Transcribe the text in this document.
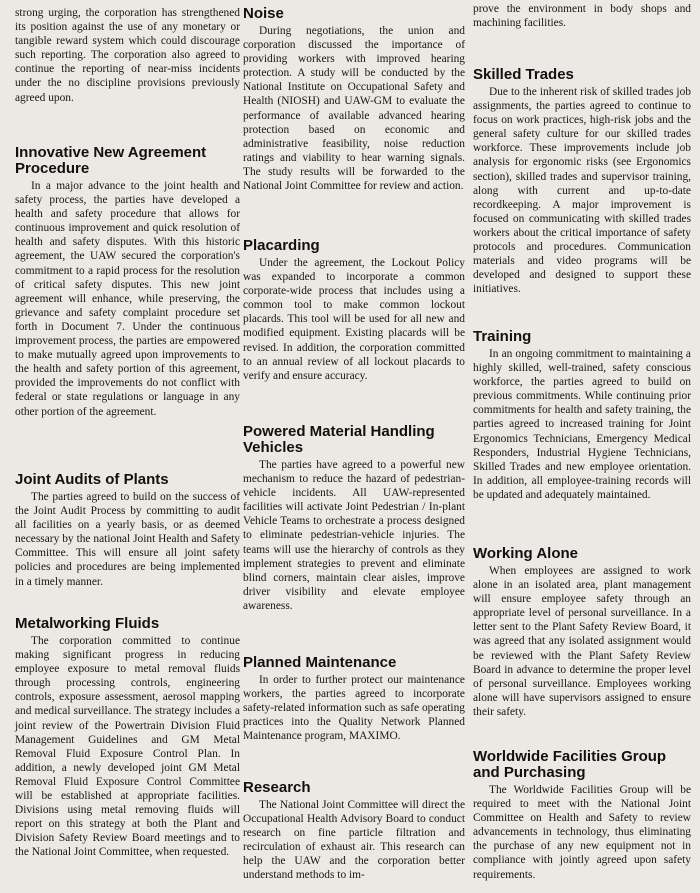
strong urging, the corporation has strengthened its position against the use of any monetary or tangible reward system which could discourage such reporting. The corporation also agreed to continue the reporting of near-miss incidents under the no discipline provisions previously agreed upon.

Innovative New Agreement Procedure

In a major advance to the joint health and safety process, the parties have developed a health and safety procedure that allows for continuous improvement and quick resolution of health and safety disputes. With this historic agreement, the UAW secured the corporation's commitment to a rapid process for the resolution of critical safety disputes. This new joint agreement will enhance, while preserving, the grievance and safety complaint procedure set forth in Document 7. Under the continuous improvement process, the parties are empowered to make mutually agreed upon improvements to the health and safety portion of this agreement, provided the improvements do not conflict with federal or state regulations or language in any other portion of the agreement.

Joint Audits of Plants

The parties agreed to build on the success of the Joint Audit Process by committing to audit all facilities on a yearly basis, or as deemed necessary by the national Joint Health and Safety Committee. This will ensure all joint safety policies and procedures are being implemented in a timely manner.

Metalworking Fluids

The corporation committed to continue making significant progress in reducing employee exposure to metal removal fluids through processing controls, engineering controls, exposure assessment, aerosol mapping and medical surveillance. The strategy includes a joint review of the Powertrain Division Fluid Management Guidelines and GM Metal Removal Fluid Exposure Control Plan. In addition, a newly developed joint GM Metal Removal Fluid Exposure Control Committee will be established at appropriate facilities. Divisions using metal removing fluids will report on this strategy at both the Plant and Division Safety Review Board meetings and to the National Joint Committee, when requested.

Noise

During negotiations, the union and corporation discussed the importance of providing workers with improved hearing protection. A study will be conducted by the National Institute on Occupational Safety and Health (NIOSH) and UAW-GM to evaluate the performance of available advanced hearing protection based on economic and administrative feasibility, noise reduction ratings and viability to hear warning signals. The study results will be forwarded to the National Joint Committee for review and action.

Placarding

Under the agreement, the Lockout Policy was expanded to incorporate a common corporate-wide process that includes using a common tool to make common lockout placards. This tool will be used for all new and modified equipment. Existing placards will be revised. In addition, the corporation committed to an annual review of all lockout placards to verify and ensure accuracy.

Powered Material Handling Vehicles

The parties have agreed to a powerful new mechanism to reduce the hazard of pedestrian-vehicle incidents. All UAW-represented facilities will activate Joint Pedestrian / In-plant Vehicle Teams to orchestrate a process designed to eliminate pedestrian-vehicle injuries. The teams will use the hierarchy of controls as they implement strategies to prevent and eliminate blind corners, maintain clear aisles, improve driver visibility and elevate employee awareness.

Planned Maintenance

In order to further protect our maintenance workers, the parties agreed to incorporate safety-related information such as safe operating practices into the Quality Network Planned Maintenance program, MAXIMO.

Research

The National Joint Committee will direct the Occupational Health Advisory Board to conduct research on fine particle filtration and recirculation of exhaust air. This research can help the UAW and the corporation better understand methods to im-

prove the environment in body shops and machining facilities.

Skilled Trades

Due to the inherent risk of skilled trades job assignments, the parties agreed to continue to focus on work practices, high-risk jobs and the general safety culture for our skilled trades workforce. These improvements include job analysis for ergonomic risks (see Ergonomics section), skilled trades and supervisor training, along with current and up-to-date recordkeeping. A major improvement is focused on communicating with skilled trades workers about the critical importance of safety protocols and procedures. Communication materials and video programs will be developed and designed to support these initiatives.

Training

In an ongoing commitment to maintaining a highly skilled, well-trained, safety conscious workforce, the parties agreed to build on previous commitments. While continuing prior commitments for health and safety training, the parties agreed to increased training for Joint Ergonomics Technicians, Emergency Medical Responders, Industrial Hygiene Technicians, Skilled Trades and new employee orientation. In addition, all employee-training records will be updated and adequately maintained.

Working Alone

When employees are assigned to work alone in an isolated area, plant management will ensure employee safety through an appropriate level of personal surveillance. In a letter sent to the Plant Safety Review Board, it was agreed that any isolated assignment would be reviewed with the Plant Safety Review Board in advance to determine the proper level of personal surveillance. Employees working alone will have supervisors assigned to ensure their safety.

Worldwide Facilities Group and Purchasing

The Worldwide Facilities Group will be required to meet with the National Joint Committee on Health and Safety to review advancements in technology, thus eliminating the purchase of any new equipment not in compliance with jointly agreed upon safety requirements.
